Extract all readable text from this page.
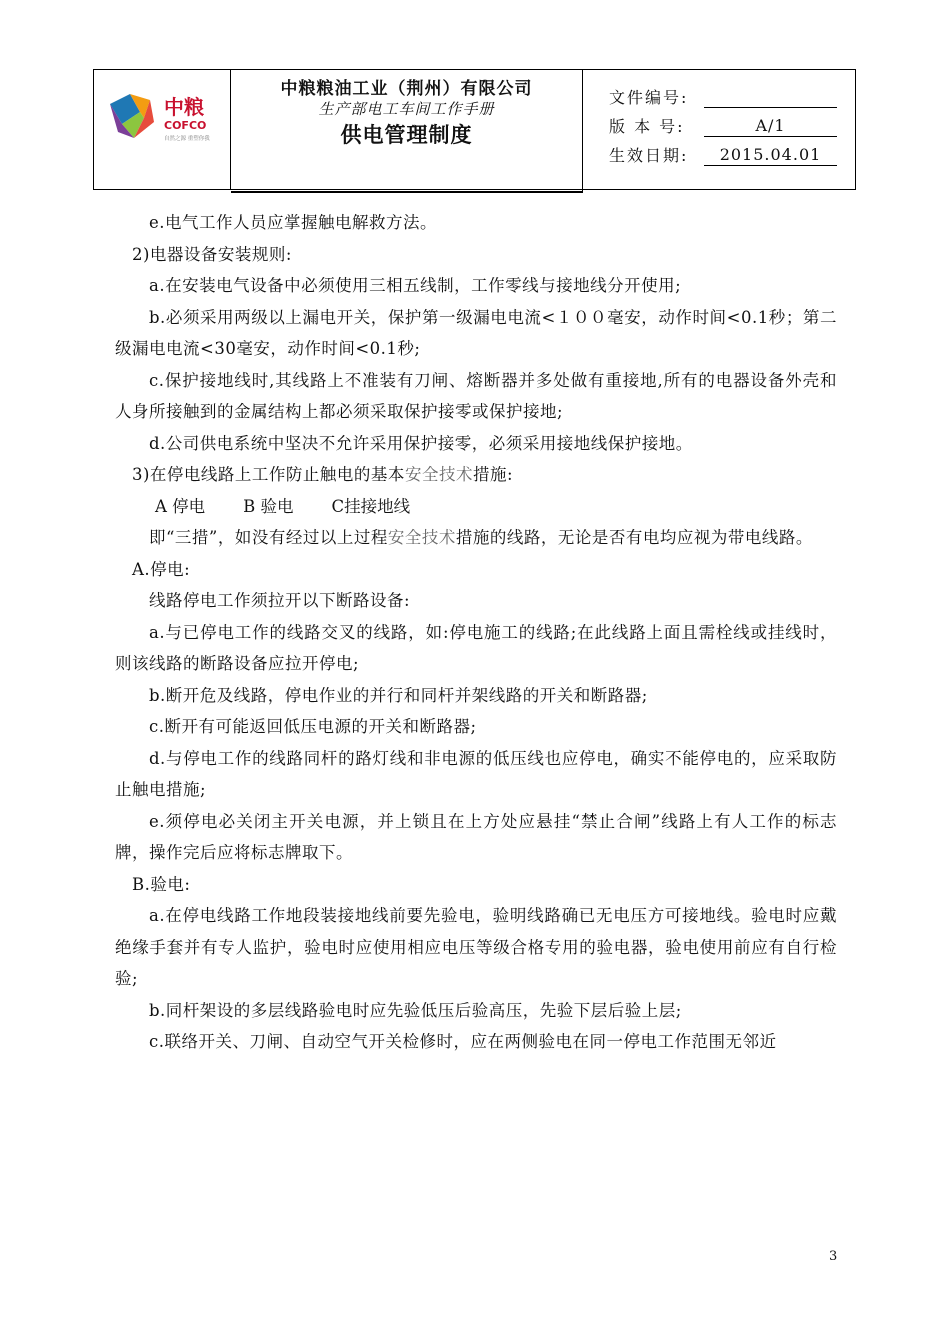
中粮
COFCO
自然之源 重塑你我
中粮粮油工业（荆州）有限公司
生产部电工车间工作手册
供电管理制度
文件编号:
版 本 号:	A/1
生效日期:	2015.04.01

e.电气工作人员应掌握触电解救方法。

2)电器设备安装规则:

a.在安装电气设备中必须使用三相五线制，工作零线与接地线分开使用;

b.必须采用两级以上漏电开关，保护第一级漏电电流<１００毫安，动作时间<0.1秒；第二级漏电电流<30毫安，动作时间<0.1秒;

c.保护接地线时,其线路上不准装有刀闸、熔断器并多处做有重接地,所有的电器设备外壳和人身所接触到的金属结构上都必须采取保护接零或保护接地;

d.公司供电系统中坚决不允许采用保护接零，必须采用接地线保护接地。

3)在停电线路上工作防止触电的基本安全技术措施:

A 停电 B 验电 C挂接地线

即“三措”，如没有经过以上过程安全技术措施的线路，无论是否有电均应视为带电线路。

A.停电:

线路停电工作须拉开以下断路设备:

a.与已停电工作的线路交叉的线路，如:停电施工的线路;在此线路上面且需栓线或挂线时，则该线路的断路设备应拉开停电;

b.断开危及线路，停电作业的并行和同杆并架线路的开关和断路器;

c.断开有可能返回低压电源的开关和断路器;

d.与停电工作的线路同杆的路灯线和非电源的低压线也应停电，确实不能停电的，应采取防止触电措施;

e.须停电必关闭主开关电源，并上锁且在上方处应悬挂“禁止合闸”线路上有人工作的标志牌，操作完后应将标志牌取下。

B.验电:

a.在停电线路工作地段装接地线前要先验电，验明线路确已无电压方可接地线。验电时应戴绝缘手套并有专人监护，验电时应使用相应电压等级合格专用的验电器，验电使用前应有自行检验;

b.同杆架设的多层线路验电时应先验低压后验高压，先验下层后验上层;

c.联络开关、刀闸、自动空气开关检修时，应在两侧验电在同一停电工作范围无邻近

3
